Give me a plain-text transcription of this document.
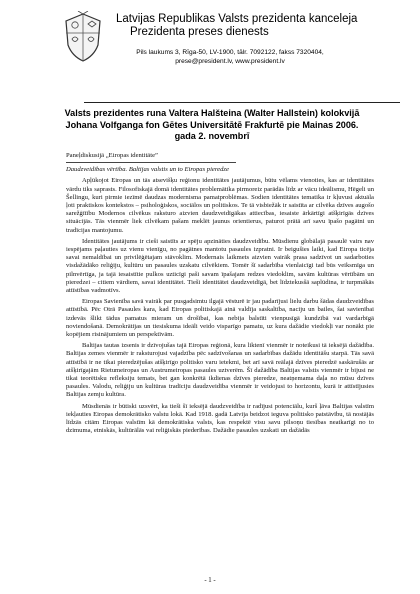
Latvijas Republikas Valsts prezidenta kanceleja
Prezidenta preses dienests
Pils laukums 3, Rīga-50, LV-1900, tālr. 7092122, fakss 7320404,
prese@president.lv, www.president.lv
Valsts prezidentes runa Valtera Halšteina (Walter Hallstein) kolokvijā
Johana Volfganga fon Gētes Universitātē Frakfurtē pie Mainas 2006.
gada 2. novembrī

Paneļdiskusijā „Eiropas identitāte”

Daudzveidības vērtība. Baltijas valstis un to Eiropas pieredze

Apļūkojot Eiropas un tās atsevišķu reģionu identitātes jautājumus, būtu vēlams vienoties, kas ar identitātes vārdu tiks saprasts. Filosofiskajā domā identitātes problemātika pirmoreiz parādās līdz ar vācu ideālismu, Hēgeli un Šellingu, kuri pirmie iezīmē daudzas modernisma pamatproblēmas. Sodien identitātes tematika ir kļuvusi aktuāla ļoti praktiskos kontekstos – psiholoģiskos, sociālos un politiskos. Te tā visbiežāk ir saistīta ar cilvēka dzīves augošo sarežģītību Modernos cilvēkus raksturo aizvien daudzveidīgākas attiecības, iesaiste ārkārtīgi atšķirīgās dzīves situācijās. Tās vienmēr liek cilvēkam pašam meklēt jaunus orientierus, paturot prātā arī savu īpašo pagātni un tradīcijas mantojumu.

Identitātes jautājums ir cieši saistīts ar spēju apzināties daudzveidību. Mūsdienu globālajā pasaulē vairs nav iespējams paļauties uz vienu vienīgu, no pagātnes mantotu pasaules izpratni. Ir beigušies laiki, kad Eiropa ticēja savai nemaldībai un privilēģētajam stāvoklim. Modernais laikmets aizvien vairāk prasa sadzīvot un sadarboties visdažādāko reliģiju, kultūru un pasaules uzskatu cilvēkiem. Tomēr šī sadarbība vienlaicīgi tad būs veiksmīga un pilnvērtīga, ja tajā iesaistītie pulkos uzticīgi paši savam īpašajam redzes viedoklim, savām kultūras vērtībām un pieredzei – citiem vārdiem, savai identitātei. Tieši identitātei daudzveidīgā, bet līdztekusšā saplūdina, ir turpmākās attīstības vadmotīvs.

Eiropas Savienība savā vairāk par pusgadsimtu ilgajā vēsturē ir jau padarījusi lielu darbu šādas daudzveidības attīstībā. Pēc Otrā Pasaules kara, kad Eiropas politiskajā ainā valdīja saskaltība, naciju un bailes, šai savienībai izdevās šlikt tādus pamatus mieram un drošībai, kas nebija balstīti vienpusīgā kundzībā vai vardarbīgā noviendošanā. Demokrātijas un tiesiskuma ideāli veido visparīgo pamatu, uz kura dažādie viedokļi var nonākt pie kopējiem risinājumiem un perspektīvām.

Baltijas tautas izsenis ir dzīvojušas tajā Eiropas reģionā, kura liktenī vienmēr ir noteikusi tā ieksējā dažādība. Baltijas zemes vienmēr ir raksturojusi vajadzība pēc sadzīvošanas un sadarbības dažādu identitāšu starpā. Tās savā attīstībā ir ne tikai pieredzējušas atšķirīgo politisko varu ietekmi, bet arī savā reālajā dzīves pieredzē saskārušās ar atšķirīgajām Rietumeiropas un Austrumeiropas pasaules uztverēm. Šī dažādība Baltijas valstis vienmēr ir bijusi ne tikai teorētisku refleksiju temats, bet gan konkrētā ikdienas dzīves pieredze, neatņemama daļa no mūsu dzīves pasaules. Valodu, reliģiju un kultūras tradīciju daudzveidība vienmēr ir veidojusi to horizontu, kurā ir attīstījusies Baltijas zemju kultūra.

Mūsdienās ir būtiski uzsvērt, ka tieši šī ieksējā daudzveidība ir radījusi potenciālu, kurš ļāva Baltijas valstīm iekļauties Eiropas demokrātisko valstu lokā. Kad 1918. gadā Latvija beidzot ieguva politisko patstāvību, tā nostājās līdzās citām Eiropas valstīm kā demokrātiska valsts, kas respektē visu savu pilsoņu tiesības neatkarīgi no to dzimuma, etniskās, kultūrālās vai reliģiskās piederības. Dažādie pasaules uzskati un dažādās

- 1 -
